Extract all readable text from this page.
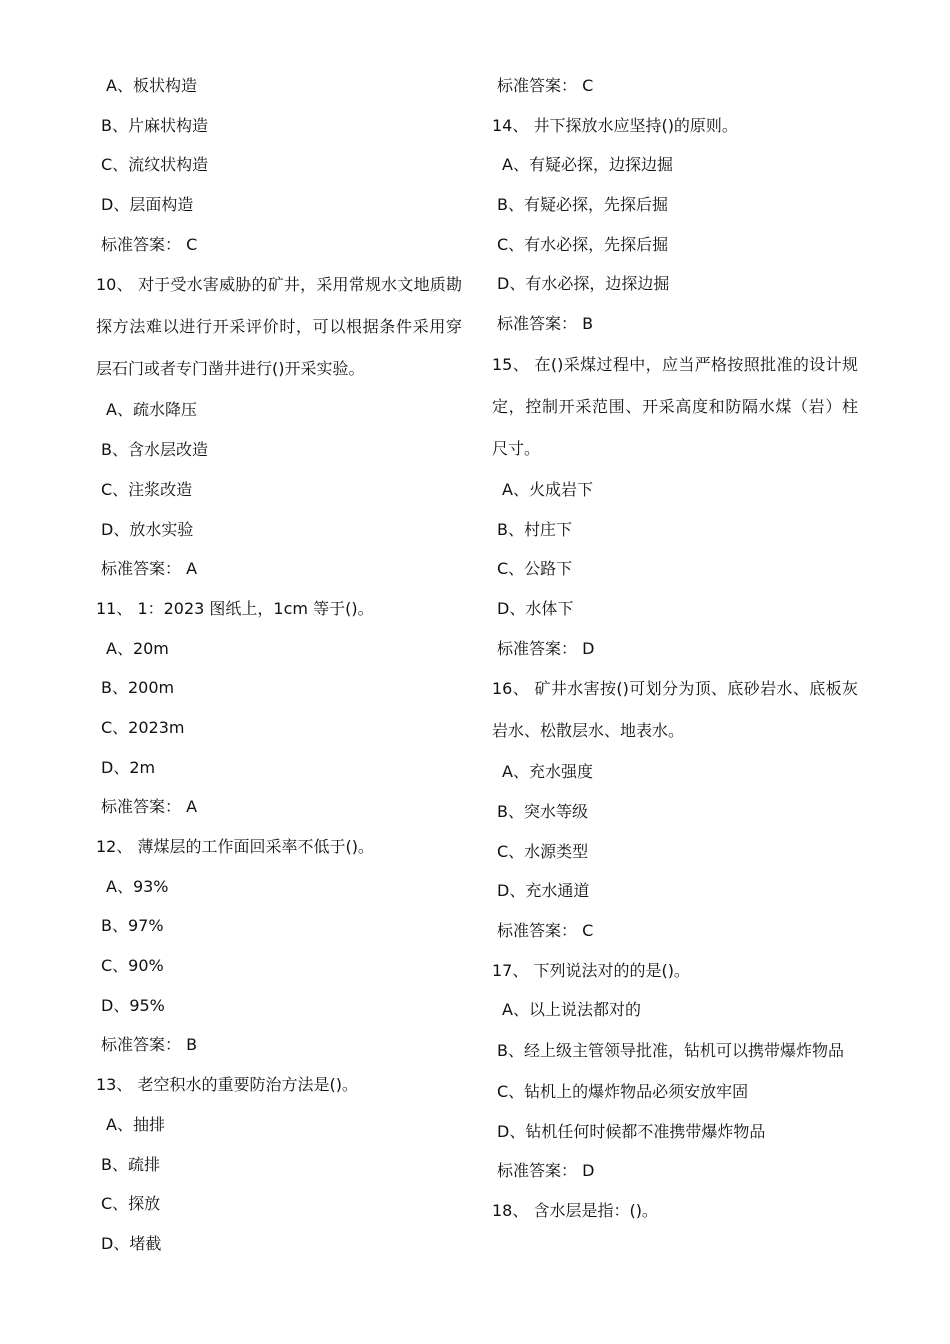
A、板状构造
B、片麻状构造
C、流纹状构造
D、层面构造
标准答案： C
10、 对于受水害威胁的矿井，采用常规水文地质勘探方法难以进行开采评价时，可以根据条件采用穿层石门或者专门凿井进行()开采实验。
A、疏水降压
B、含水层改造
C、注浆改造
D、放水实验
标准答案： A
11、 1：2023 图纸上，1cm 等于()。
A、20m
B、200m
C、2023m
D、2m
标准答案： A
12、 薄煤层的工作面回采率不低于()。
A、93%
B、97%
C、90%
D、95%
标准答案： B
13、 老空积水的重要防治方法是()。
A、抽排
B、疏排
C、探放
D、堵截
标准答案： C
14、 井下探放水应坚持()的原则。
A、有疑必探，边探边掘
B、有疑必探，先探后掘
C、有水必探，先探后掘
D、有水必探，边探边掘
标准答案： B
15、 在()采煤过程中，应当严格按照批准的设计规定，控制开采范围、开采高度和防隔水煤（岩）柱尺寸。
A、火成岩下
B、村庄下
C、公路下
D、水体下
标准答案： D
16、 矿井水害按()可划分为顶、底砂岩水、底板灰岩水、松散层水、地表水。
A、充水强度
B、突水等级
C、水源类型
D、充水通道
标准答案： C
17、 下列说法对的的是()。
A、以上说法都对的
B、经上级主管领导批准，钻机可以携带爆炸物品
C、钻机上的爆炸物品必须安放牢固
D、钻机任何时候都不准携带爆炸物品
标准答案： D
18、 含水层是指：()。
